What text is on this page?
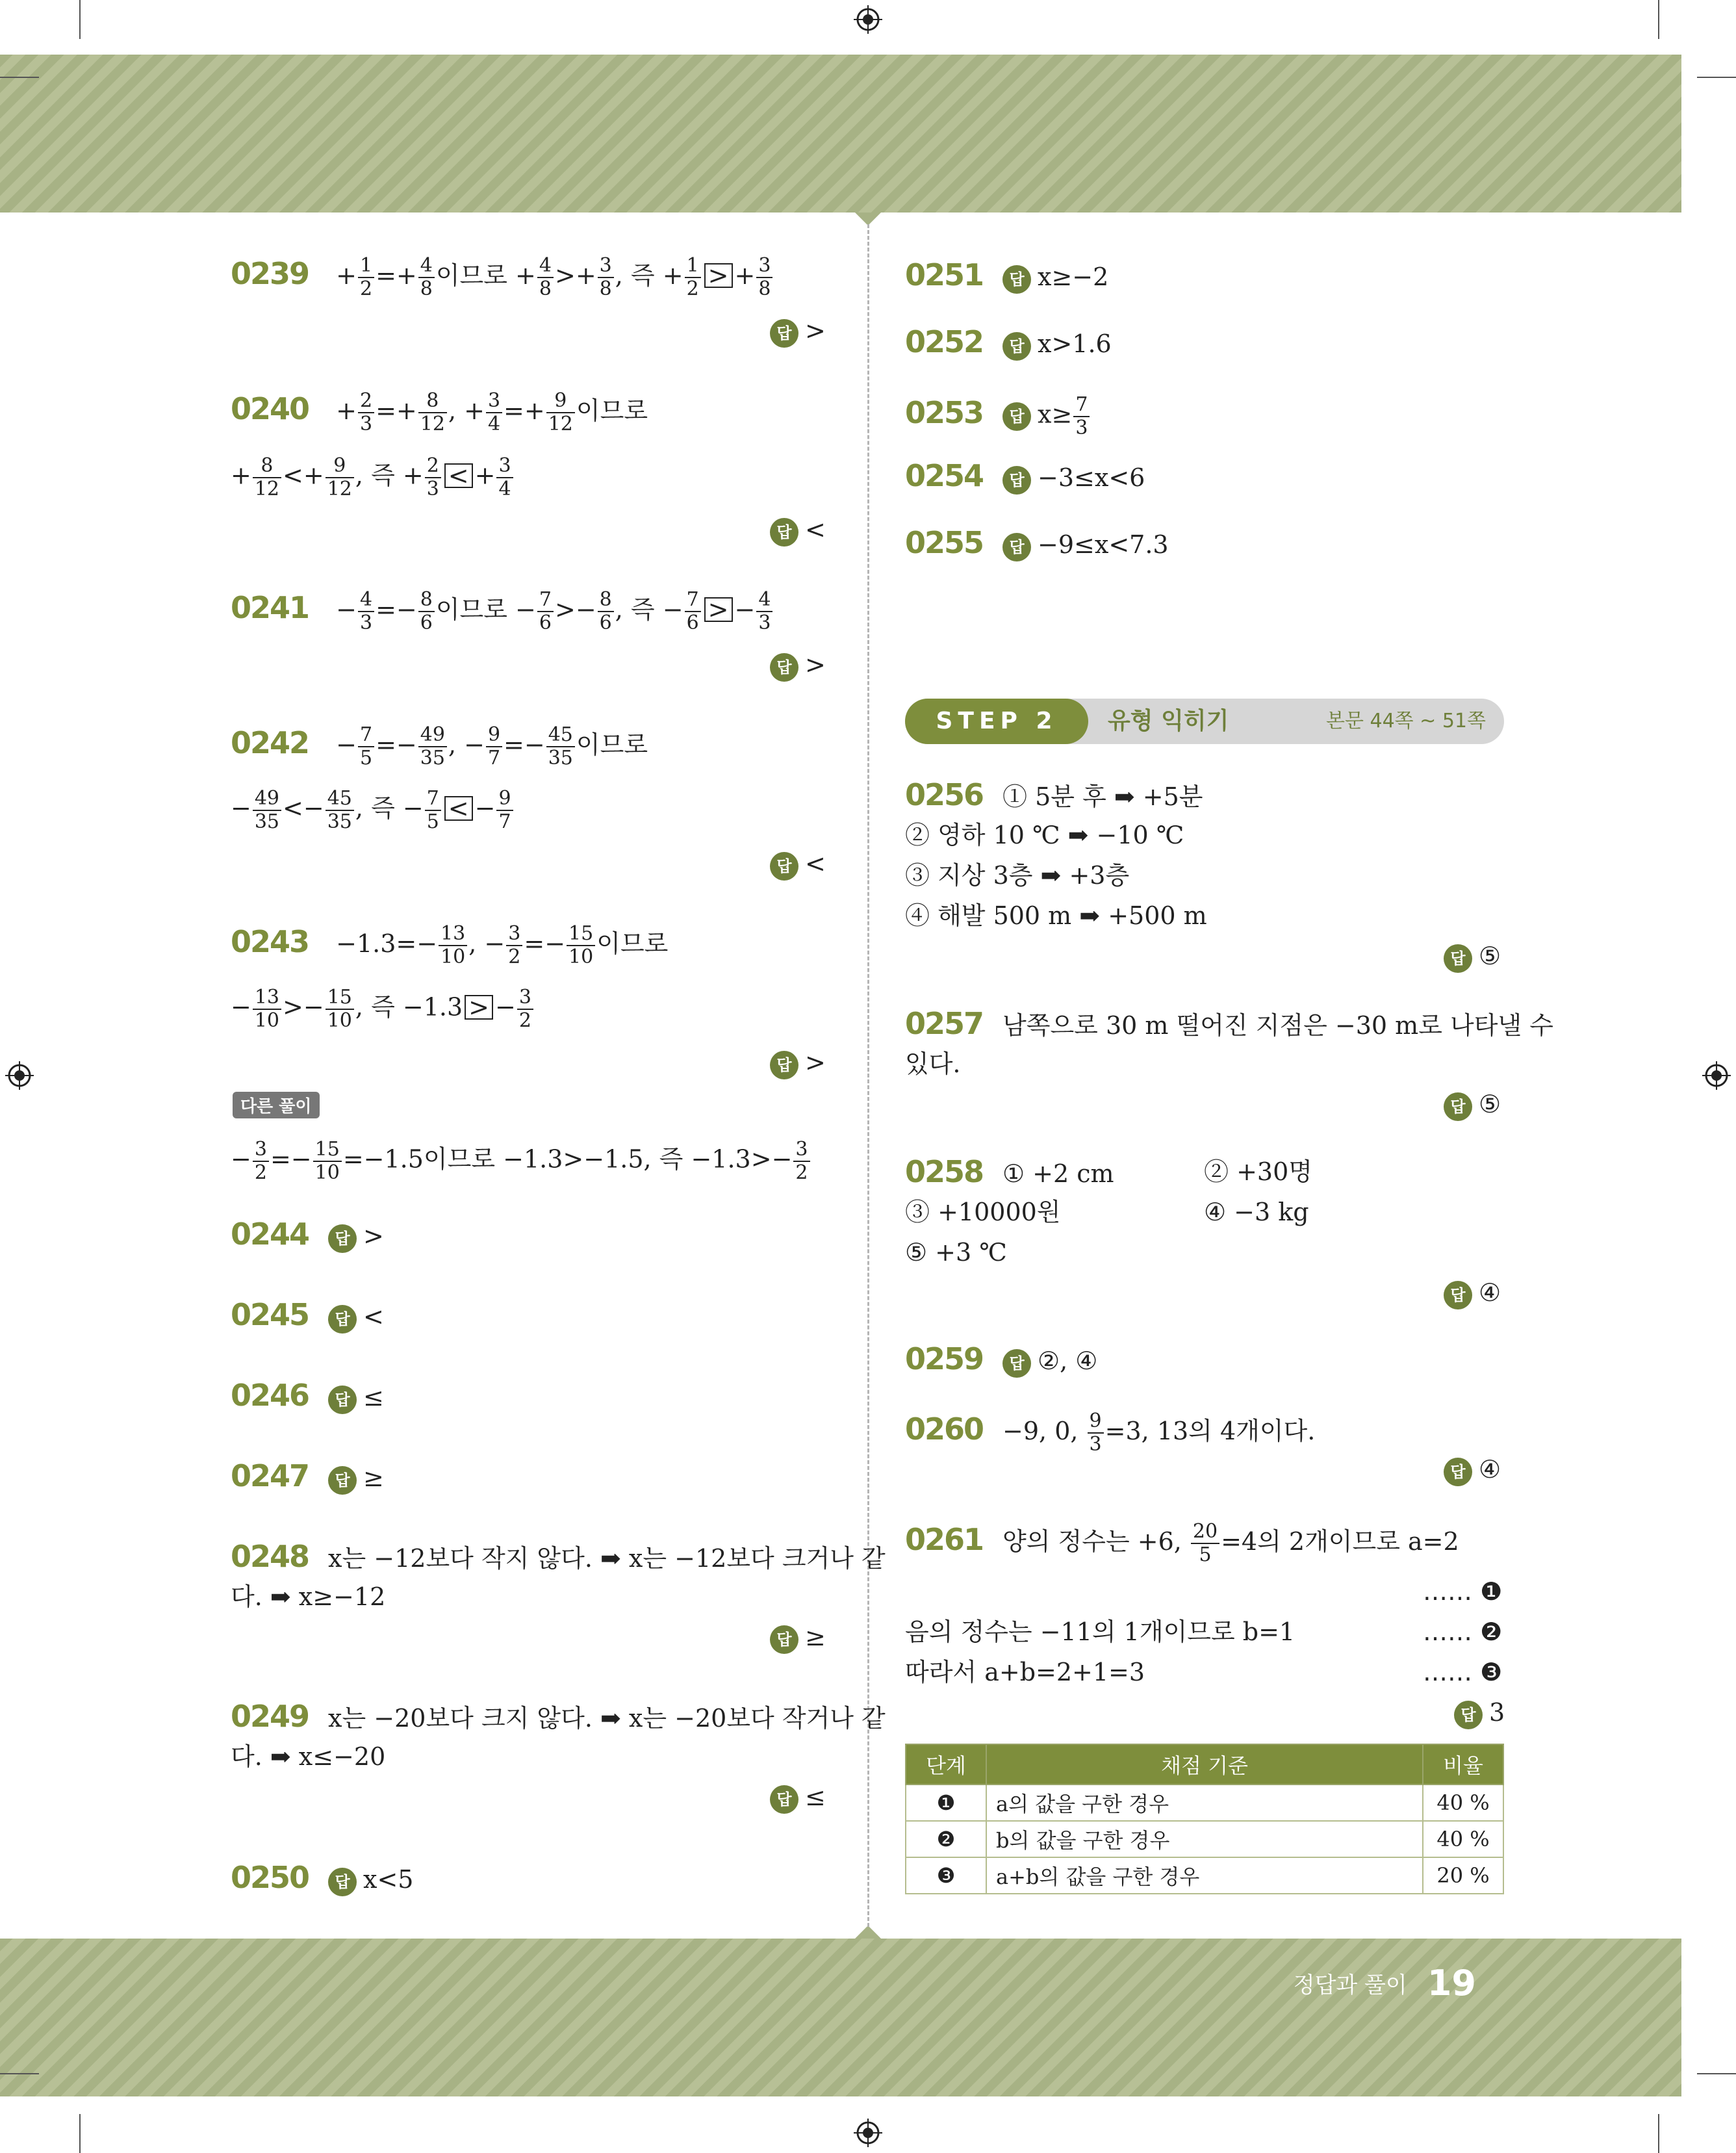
$0239 + \frac{1}{2} =+ \frac{4}{8}$ 이므로 + $\frac{4}{8} >+ \frac{3}{8}$ , 즉 + $\frac{1}{2}$ > + $\frac{3}{8}$
답 >
$0240 + \frac{2}{3} =+ \frac{8}{12}$ , + $\frac{3}{4} =+ \frac{9}{12}$ 이므로
+ $\frac{8}{12} <+ \frac{9}{12}$ , 즉 + $\frac{2}{3}$ < + $\frac{3}{4}$
답 <
$0241 - \frac{4}{3} =- \frac{8}{6}$ 이므로 − $\frac{7}{6} >- \frac{8}{6}$ , 즉 − $\frac{7}{6}$ > − $\frac{4}{3}$
답 >
$0242 - \frac{7}{5} =- \frac{49}{35}$ , − $\frac{9}{7} =- \frac{45}{35}$ 이므로
− $\frac{49}{35} <- \frac{45}{35}$ , 즉 − $\frac{7}{5}$ < − $\frac{9}{7}$
답 <
$0243 -1.3=- \frac{13}{10}$ , − $\frac{3}{2} =- \frac{15}{10}$ 이므로
− $\frac{13}{10} >- \frac{15}{10}$ , 즉 −1.3 > − $\frac{3}{2}$
답 >
다른 풀이
− $\frac{3}{2} =- \frac{15}{10} =-1.5$이므로 −1.3>−1.5, 즉 $-1.3>- \frac{3}{2}$
0244 답 >
0245 답 <
0246 답 ≤
0247 답 ≥
0248 x는 −12보다 작지 않다. ➡ x는 −12보다 크거나 같
다. ➡ x≥−12
답 ≥
0249 x는 −20보다 크지 않다. ➡ x는 −20보다 작거나 같
다. ➡ x≤−20
답 ≤
0250 답 x<5
0251 답 x≥−2
0252 답 x>1.6
0253 답 $x\ge \frac{7}{3}$
0254 답 −3≤x<6
0255 답 −9≤x<7.3
STEP 2	유형 익히기	본문 44쪽 ~ 51쪽
0256 ① 5분 후 ➡ +5분
② 영하 10 ℃ ➡ −10 ℃
③ 지상 3층 ➡ +3층
④ 해발 500 m ➡ +500 m
답 ⑤
0257 남쪽으로 30 m 떨어진 지점은 −30 m로 나타낼 수
있다.
답 ⑤
0258 ① +2 cm	② +30명
③ +10000원	④ −3 kg
⑤ +3 ℃
답 ④
0259 답 ②, ④
0260 −9, 0, $\frac{9}{3} =3$, 13의 4개이다.
답 ④
0261 양의 정수는 +6, $\frac{20}{5} =4$의 2개이므로 a=2
…… ❶
음의 정수는 −11의 1개이므로 b=1	…… ❷
따라서 a+b=2+1=3	…… ❸
답 3
단계	채점 기준	비율
❶	a의 값을 구한 경우	40 %
❷	b의 값을 구한 경우	40 %
❸	a+b의 값을 구한 경우	20 %
정답과 풀이 19
